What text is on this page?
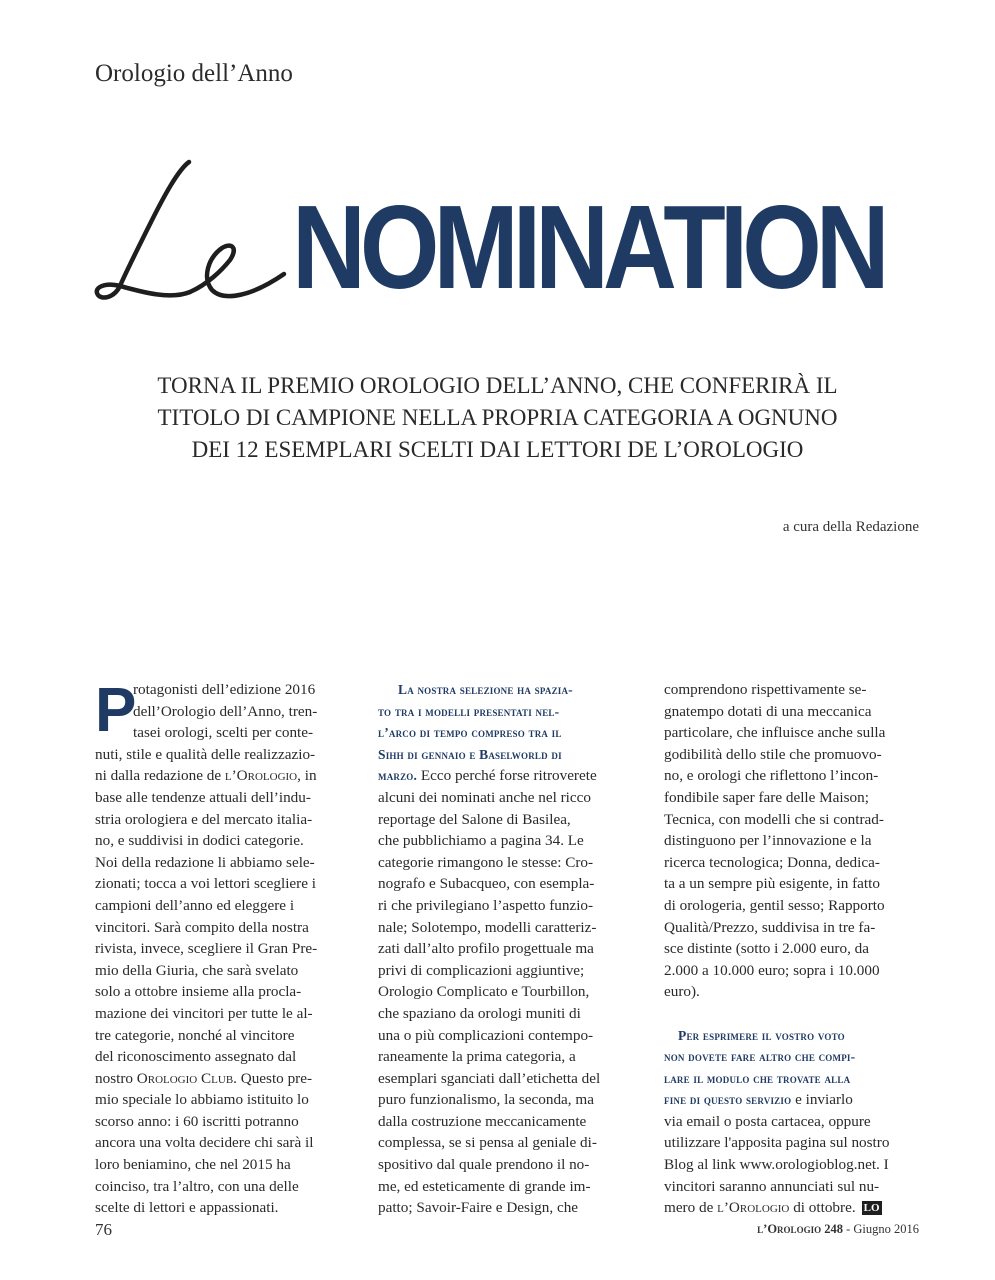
Orologio dell’Anno
Le
NOMINATION
TORNA IL PREMIO OROLOGIO DELL’ANNO, CHE CONFERIRÀ IL
TITOLO DI CAMPIONE NELLA PROPRIA CATEGORIA A OGNUNO
DEI 12 ESEMPLARI SCELTI DAI LETTORI DE L’OROLOGIO
a cura della Redazione
P
rotagonisti dell’edizione 2016
dell’Orologio dell’Anno, tren-
tasei orologi, scelti per conte-
nuti, stile e qualità delle realizzazio-
ni dalla redazione de l’Orologio, in
base alle tendenze attuali dell’indu-
stria orologiera e del mercato italia-
no, e suddivisi in dodici categorie.
Noi della redazione li abbiamo sele-
zionati; tocca a voi lettori scegliere i
campioni dell’anno ed eleggere i
vincitori. Sarà compito della nostra
rivista, invece, scegliere il Gran Pre-
mio della Giuria, che sarà svelato
solo a ottobre insieme alla procla-
mazione dei vincitori per tutte le al-
tre categorie, nonché al vincitore
del riconoscimento assegnato dal
nostro Orologio Club. Questo pre-
mio speciale lo abbiamo istituito lo
scorso anno: i 60 iscritti potranno
ancora una volta decidere chi sarà il
loro beniamino, che nel 2015 ha
coinciso, tra l’altro, con una delle
scelte di lettori e appassionati.
La nostra selezione ha spazia-
to tra i modelli presentati nel-
l’arco di tempo compreso tra il
Sihh di gennaio e Baselworld di
marzo. Ecco perché forse ritroverete
alcuni dei nominati anche nel ricco
reportage del Salone di Basilea,
che pubblichiamo a pagina 34. Le
categorie rimangono le stesse: Cro-
nografo e Subacqueo, con esempla-
ri che privilegiano l’aspetto funzio-
nale; Solotempo, modelli caratteriz-
zati dall’alto profilo progettuale ma
privi di complicazioni aggiuntive;
Orologio Complicato e Tourbillon,
che spaziano da orologi muniti di
una o più complicazioni contempo-
raneamente la prima categoria, a
esemplari sganciati dall’etichetta del
puro funzionalismo, la seconda, ma
dalla costruzione meccanicamente
complessa, se si pensa al geniale di-
spositivo dal quale prendono il no-
me, ed esteticamente di grande im-
patto; Savoir-Faire e Design, che
comprendono rispettivamente se-
gnatempo dotati di una meccanica
particolare, che influisce anche sulla
godibilità dello stile che promuovo-
no, e orologi che riflettono l’incon-
fondibile saper fare delle Maison;
Tecnica, con modelli che si contrad-
distinguono per l’innovazione e la
ricerca tecnologica; Donna, dedica-
ta a un sempre più esigente, in fatto
di orologeria, gentil sesso; Rapporto
Qualità/Prezzo, suddivisa in tre fa-
sce distinte (sotto i 2.000 euro, da
2.000 a 10.000 euro; sopra i 10.000
euro).
Per esprimere il vostro voto
non dovete fare altro che compi-
lare il modulo che trovate alla
fine di questo servizio e inviarlo
via email o posta cartacea, oppure
utilizzare l'apposita pagina sul nostro
Blog al link www.orologioblog.net. I
vincitori saranno annunciati sul nu-
mero de l’Orologio di ottobre. LO
76	l’Orologio 248 - Giugno 2016
